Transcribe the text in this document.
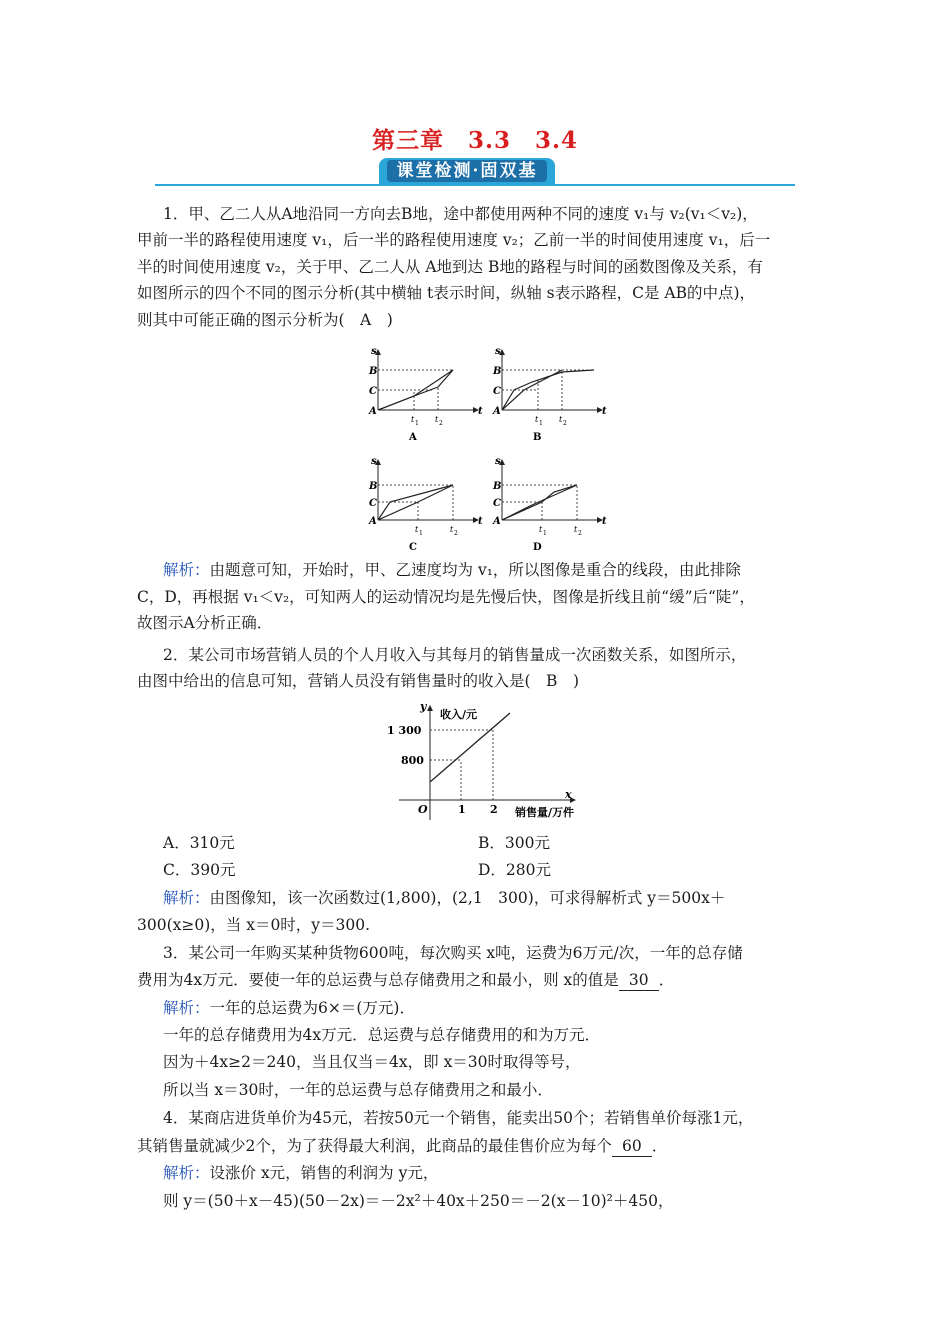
第三章　3.3　3.4
课堂检测·固双基
1．甲、乙二人从A地沿同一方向去B地，途中都使用两种不同的速度 v₁与 v₂(v₁＜v₂)，
甲前一半的路程使用速度 v₁，后一半的路程使用速度 v₂；乙前一半的时间使用速度 v₁，后一
半的时间使用速度 v₂，关于甲、乙二人从 A地到达 B地的路程与时间的函数图像及关系，有
如图所示的四个不同的图示分析(其中横轴 t表示时间，纵轴 s表示路程，C是 AB的中点)，
则其中可能正确的图示分析为(　A　)
s
B
C
A	t
t 1 t 2
A
s
B
C
A	t
t 1 t 2
B
s
B
C
A	t
t 1	t 2
C
s
B
C
A	t
t 1	t 2
D
解析：由题意可知，开始时，甲、乙速度均为 v₁，所以图像是重合的线段，由此排除
C，D，再根据 v₁＜v₂，可知两人的运动情况均是先慢后快，图像是折线且前“缓”后“陡”，
故图示A分析正确．
2．某公司市场营销人员的个人月收入与其每月的销售量成一次函数关系，如图所示，
由图中给出的信息可知，营销人员没有销售量时的收入是(　B　)
y
收入/元
1 300
800
O	1 2
x
销售量/万件
A．310元	B．300元
C．390元	D．280元
解析：由图像知，该一次函数过(1,800)，(2,1　300)，可求得解析式 y＝500x＋
300(x≥0)，当 x＝0时，y＝300.
3．某公司一年购买某种货物600吨，每次购买 x吨，运费为6万元/次，一年的总存储
费用为4x万元．要使一年的总运费与总存储费用之和最小，则 x的值是 30 ．
解析：一年的总运费为6×＝(万元)．
一年的总存储费用为4x万元．总运费与总存储费用的和为万元．
因为＋4x≥2＝240，当且仅当＝4x，即 x＝30时取得等号，
所以当 x＝30时，一年的总运费与总存储费用之和最小．
4．某商店进货单价为45元，若按50元一个销售，能卖出50个；若销售单价每涨1元，
其销售量就减少2个，为了获得最大利润，此商品的最佳售价应为每个 60 ．
解析：设涨价 x元，销售的利润为 y元，
则 y＝(50＋x－45)(50－2x)＝－2x²＋40x＋250＝－2(x－10)²＋450，
